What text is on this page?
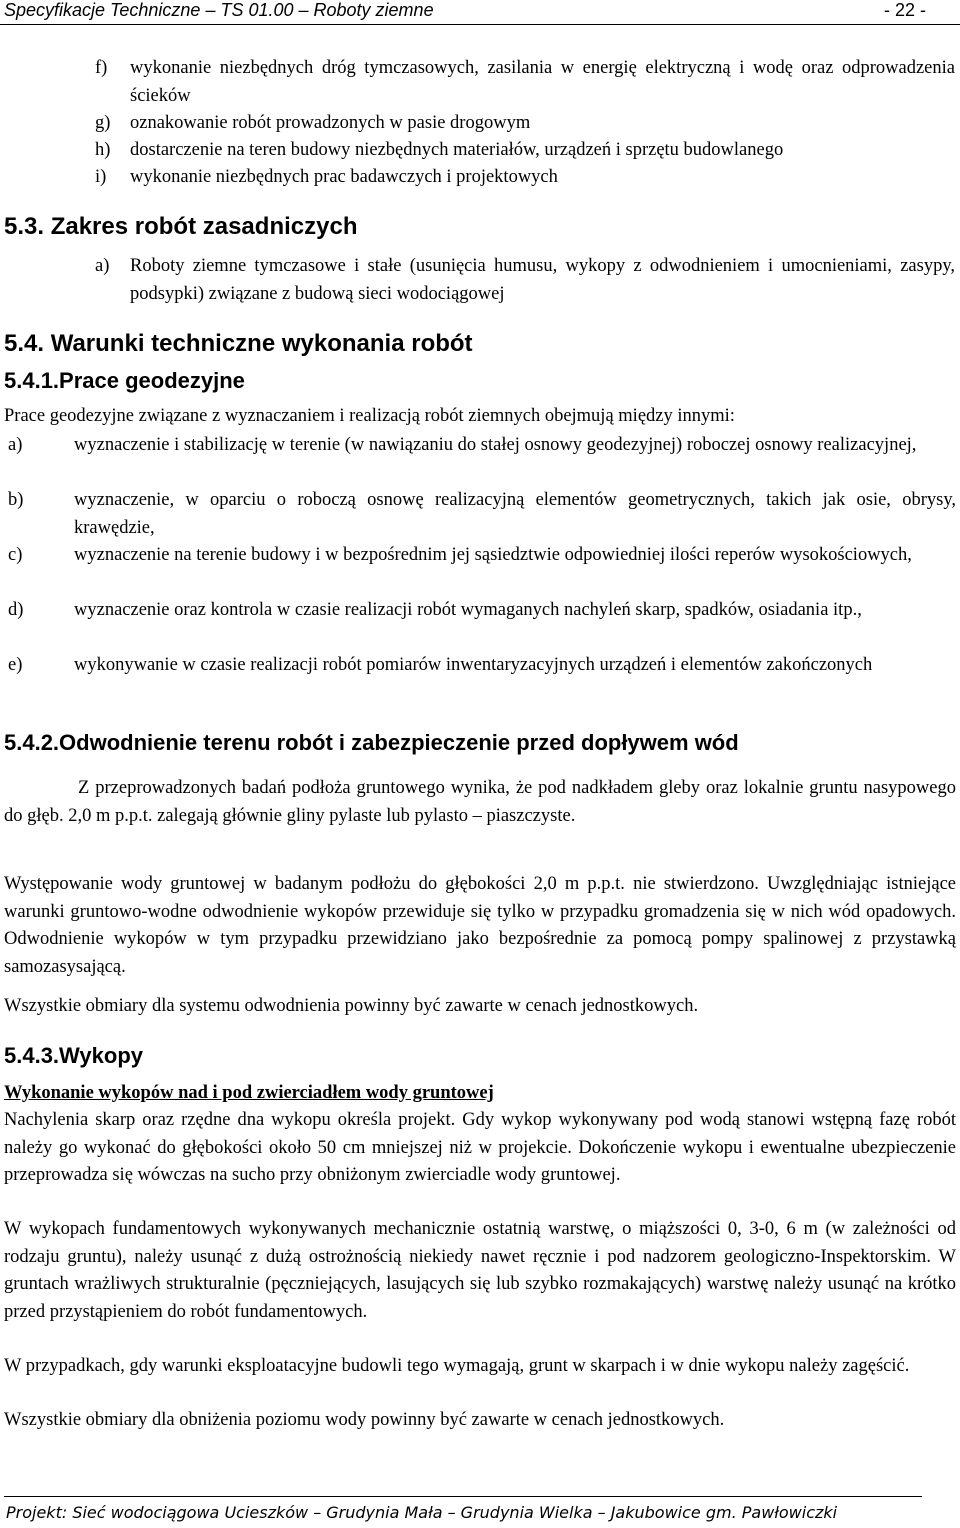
Specyfikacje Techniczne – TS 01.00 – Roboty ziemne	- 22 -
f) wykonanie niezbędnych dróg tymczasowych, zasilania w energię elektryczną i wodę oraz odprowadzenia ścieków
g) oznakowanie robót prowadzonych w pasie drogowym
h) dostarczenie na teren budowy niezbędnych materiałów, urządzeń i sprzętu budowlanego
i) wykonanie niezbędnych prac badawczych i projektowych
5.3. Zakres robót zasadniczych
a) Roboty ziemne tymczasowe i stałe (usunięcia humusu, wykopy z odwodnieniem i umocnieniami, zasypy, podsypki) związane z budową sieci wodociągowej
5.4. Warunki techniczne wykonania robót
5.4.1.Prace geodezyjne
Prace geodezyjne związane z wyznaczaniem i realizacją robót ziemnych obejmują między innymi:
a)	wyznaczenie i stabilizację w terenie (w nawiązaniu do stałej osnowy geodezyjnej) roboczej osnowy realizacyjnej,
b)	wyznaczenie, w oparciu o roboczą osnowę realizacyjną elementów geometrycznych, takich jak osie, obrysy, krawędzie,
c)	wyznaczenie na terenie budowy i w bezpośrednim jej sąsiedztwie odpowiedniej ilości reperów wysokościowych,
d)	wyznaczenie oraz kontrola w czasie realizacji robót wymaganych nachyleń skarp, spadków, osiadania itp.,
e)	wykonywanie w czasie realizacji robót pomiarów inwentaryzacyjnych urządzeń i elementów zakończonych
5.4.2.Odwodnienie terenu robót i zabezpieczenie przed dopływem wód
Z przeprowadzonych badań podłoża gruntowego wynika, że pod nadkładem gleby oraz lokalnie gruntu nasypowego do głęb. 2,0 m p.p.t. zalegają głównie gliny pylaste lub pylasto – piaszczyste.
Występowanie wody gruntowej w badanym podłożu do głębokości 2,0 m p.p.t. nie stwierdzono. Uwzględniając istniejące warunki gruntowo-wodne odwodnienie wykopów przewiduje się tylko w przypadku gromadzenia się w nich wód opadowych. Odwodnienie wykopów w tym przypadku przewidziano jako bezpośrednie za pomocą pompy spalinowej z przystawką samozasysającą.
Wszystkie obmiary dla systemu odwodnienia powinny być zawarte w cenach jednostkowych.
5.4.3.Wykopy
Wykonanie wykopów nad i pod zwierciadłem wody gruntowej
Nachylenia skarp oraz rzędne dna wykopu określa projekt. Gdy wykop wykonywany pod wodą stanowi wstępną fazę robót należy go wykonać do głębokości około 50 cm mniejszej niż w projekcie. Dokończenie wykopu i ewentualne ubezpieczenie przeprowadza się wówczas na sucho przy obniżonym zwierciadle wody gruntowej.
W wykopach fundamentowych wykonywanych mechanicznie ostatnią warstwę, o miąższości 0, 3-0, 6 m (w zależności od rodzaju gruntu), należy usunąć z dużą ostrożnością niekiedy nawet ręcznie i pod nadzorem geologiczno-Inspektorskim. W gruntach wrażliwych strukturalnie (pęczniejących, lasujących się lub szybko rozmakających) warstwę należy usunąć na krótko przed przystąpieniem do robót fundamentowych.
W przypadkach, gdy warunki eksploatacyjne budowli tego wymagają, grunt w skarpach i w dnie wykopu należy zagęścić.
Wszystkie obmiary dla obniżenia poziomu wody powinny być zawarte w cenach jednostkowych.
Projekt: Sieć wodociągowa Ucieszków – Grudynia Mała – Grudynia Wielka – Jakubowice gm. Pawłowiczki
